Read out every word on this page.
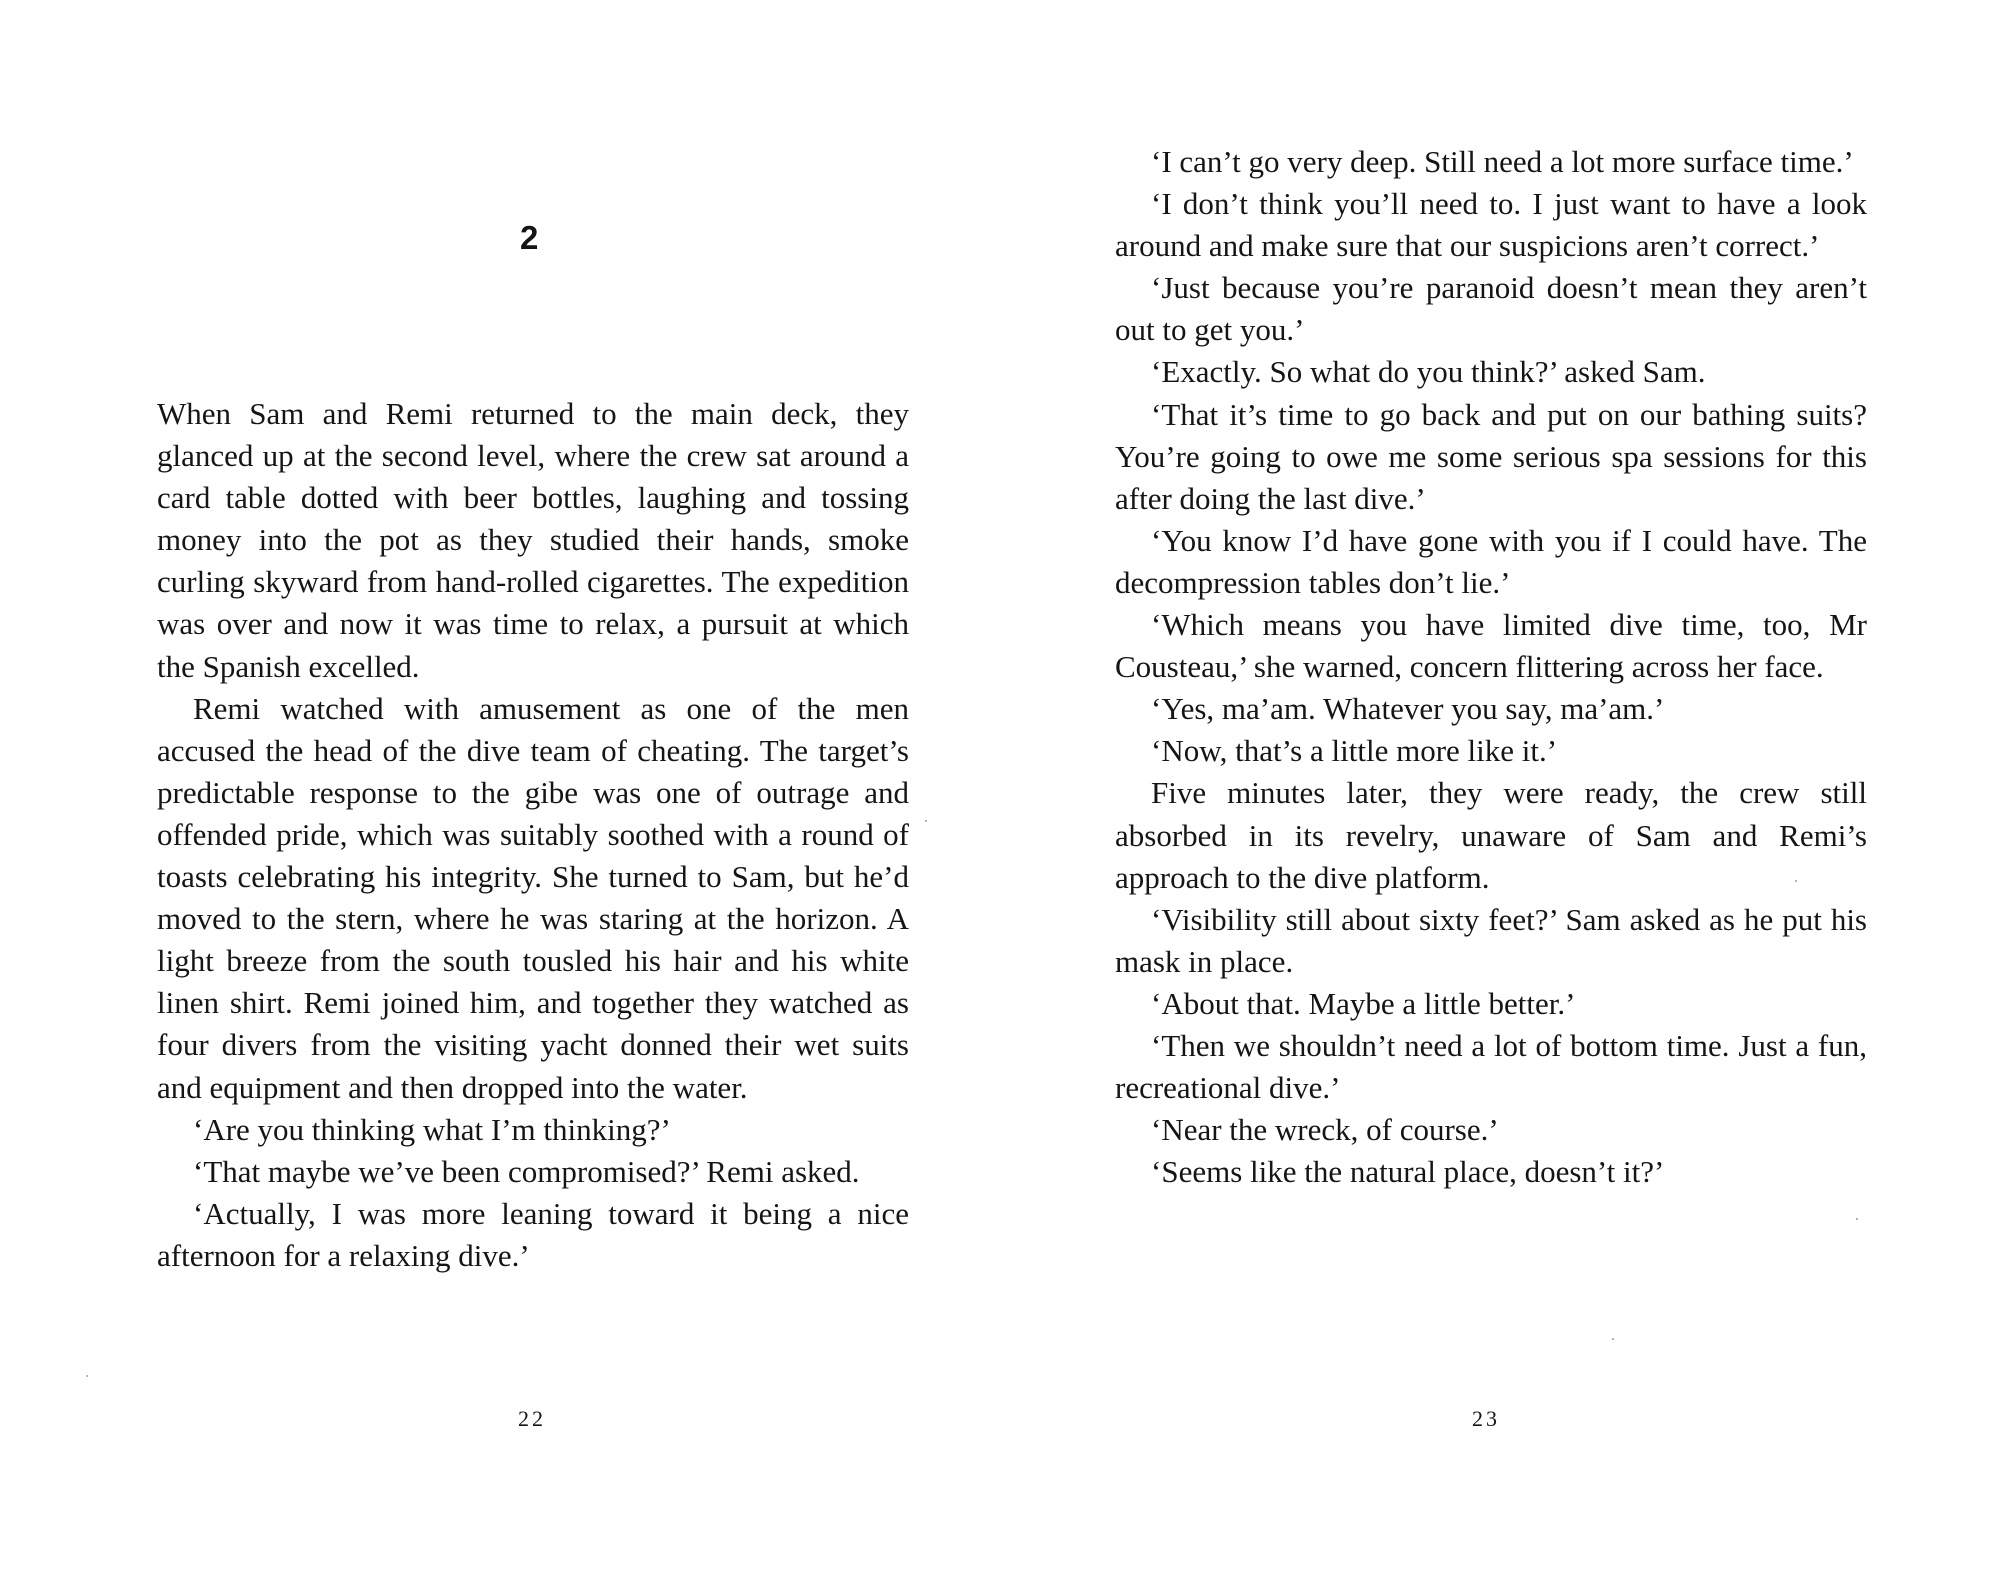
2

When Sam and Remi returned to the main deck, they glanced up at the second level, where the crew sat around a card table dotted with beer bottles, laughing and tossing money into the pot as they studied their hands, smoke curling skyward from hand-rolled cigarettes. The expedition was over and now it was time to relax, a pursuit at which the Spanish excelled.

Remi watched with amusement as one of the men accused the head of the dive team of cheating. The target’s predictable response to the gibe was one of outrage and offended pride, which was suitably soothed with a round of toasts celebrating his integrity. She turned to Sam, but he’d moved to the stern, where he was staring at the horizon. A light breeze from the south tousled his hair and his white linen shirt. Remi joined him, and together they watched as four divers from the visiting yacht donned their wet suits and equipment and then dropped into the water.

‘Are you thinking what I’m thinking?’

‘That maybe we’ve been compromised?’ Remi asked.

‘Actually, I was more leaning toward it being a nice afternoon for a relaxing dive.’

22

‘I can’t go very deep. Still need a lot more surface time.’

‘I don’t think you’ll need to. I just want to have a look around and make sure that our suspicions aren’t correct.’

‘Just because you’re paranoid doesn’t mean they aren’t out to get you.’

‘Exactly. So what do you think?’ asked Sam.

‘That it’s time to go back and put on our bathing suits? You’re going to owe me some serious spa sessions for this after doing the last dive.’

‘You know I’d have gone with you if I could have. The decompression tables don’t lie.’

‘Which means you have limited dive time, too, Mr Cousteau,’ she warned, concern flittering across her face.

‘Yes, ma’am. Whatever you say, ma’am.’

‘Now, that’s a little more like it.’

Five minutes later, they were ready, the crew still absorbed in its revelry, unaware of Sam and Remi’s approach to the dive platform.

‘Visibility still about sixty feet?’ Sam asked as he put his mask in place.

‘About that. Maybe a little better.’

‘Then we shouldn’t need a lot of bottom time. Just a fun, recreational dive.’

‘Near the wreck, of course.’

‘Seems like the natural place, doesn’t it?’

23
